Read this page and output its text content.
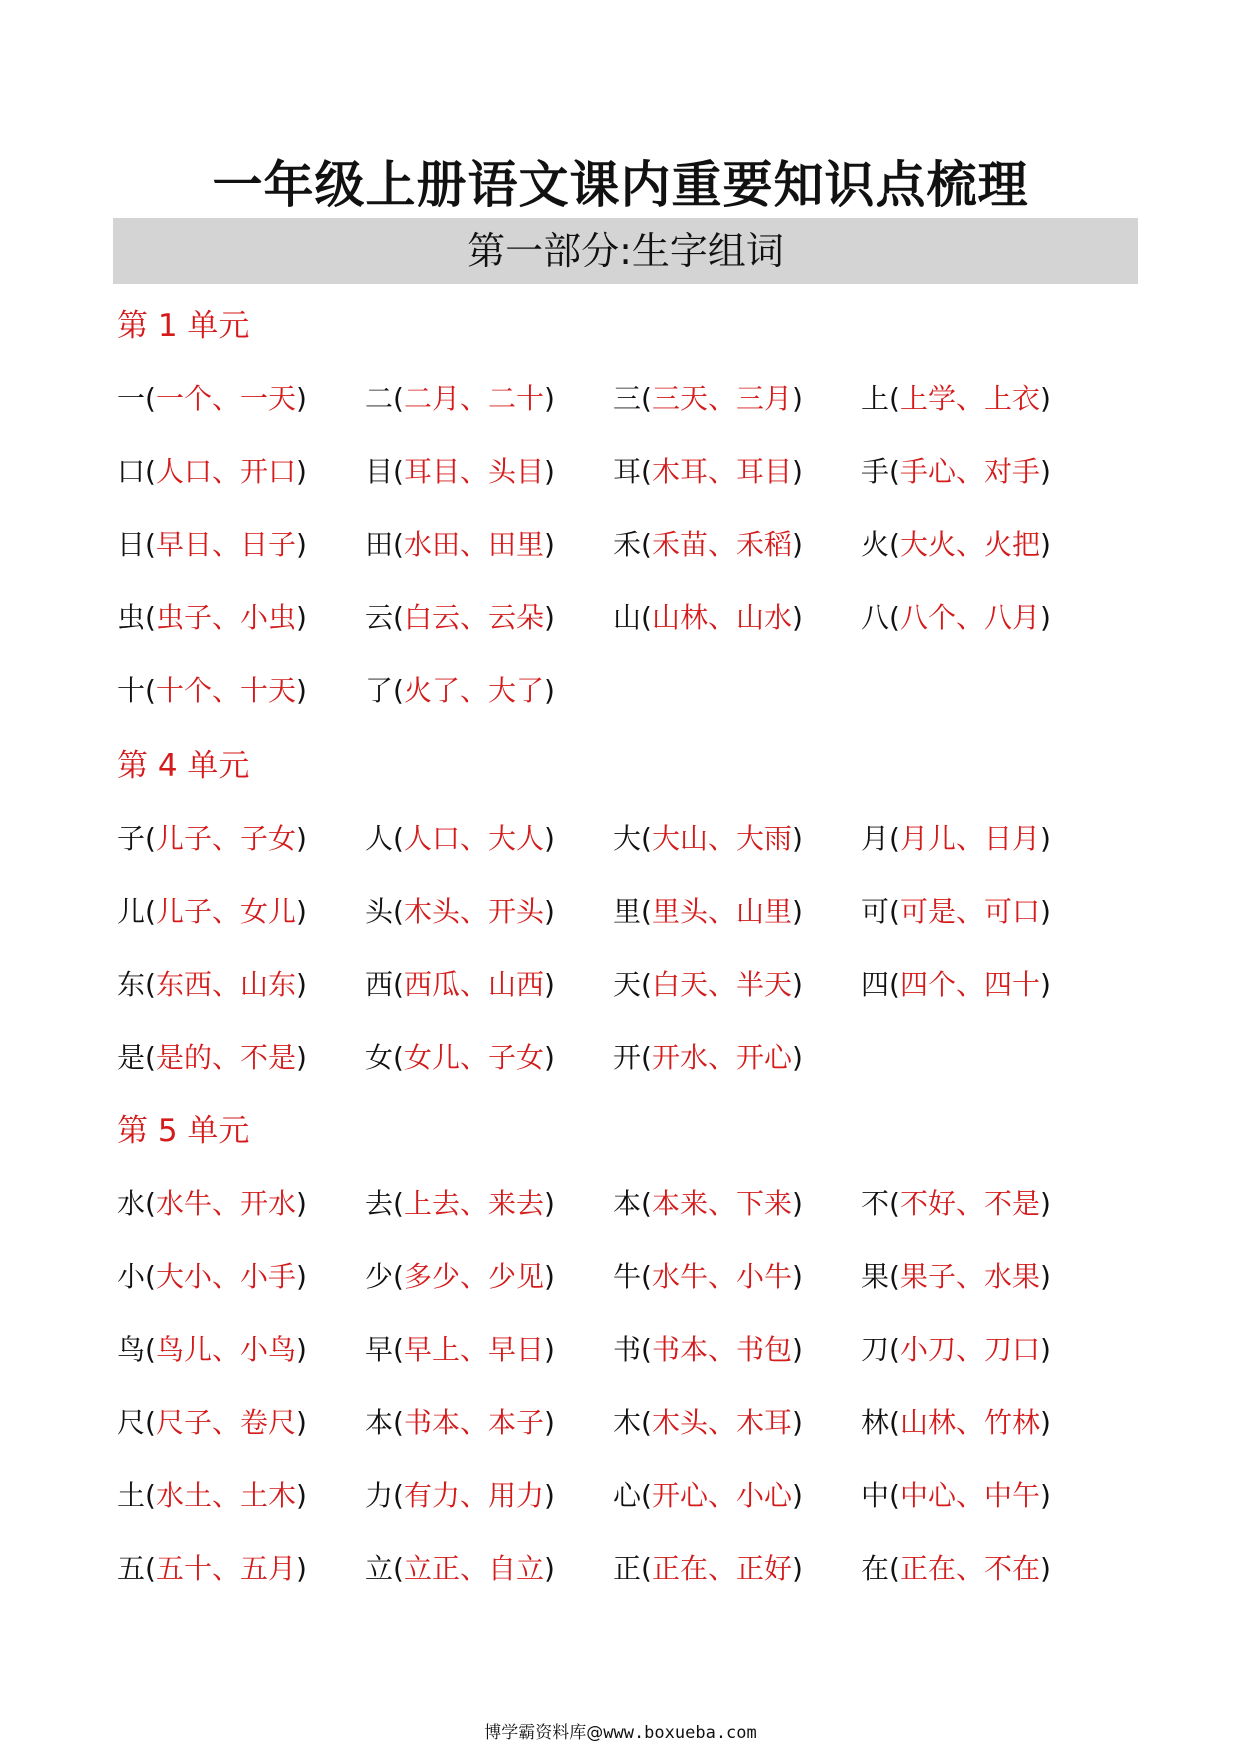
一年级上册语文课内重要知识点梳理
第一部分:生字组词
第 1 单元
一(一个、一天) 二(二月、二十) 三(三天、三月) 上(上学、上衣)
口(人口、开口) 目(耳目、头目) 耳(木耳、耳目) 手(手心、对手)
日(早日、日子) 田(水田、田里) 禾(禾苗、禾稻) 火(大火、火把)
虫(虫子、小虫) 云(白云、云朵) 山(山林、山水) 八(八个、八月)
十(十个、十天) 了(火了、大了)
第 4 单元
子(儿子、子女) 人(人口、大人) 大(大山、大雨) 月(月儿、日月)
儿(儿子、女儿) 头(木头、开头) 里(里头、山里) 可(可是、可口)
东(东西、山东) 西(西瓜、山西) 天(白天、半天) 四(四个、四十)
是(是的、不是) 女(女儿、子女) 开(开水、开心)
第 5 单元
水(水牛、开水) 去(上去、来去) 本(本来、下来) 不(不好、不是)
小(大小、小手) 少(多少、少见) 牛(水牛、小牛) 果(果子、水果)
鸟(鸟儿、小鸟) 早(早上、早日) 书(书本、书包) 刀(小刀、刀口)
尺(尺子、卷尺) 本(书本、本子) 木(木头、木耳) 林(山林、竹林)
土(水土、土木) 力(有力、用力) 心(开心、小心) 中(中心、中午)
五(五十、五月) 立(立正、自立) 正(正在、正好) 在(正在、不在)
博学霸资料库@www.boxueba.com
